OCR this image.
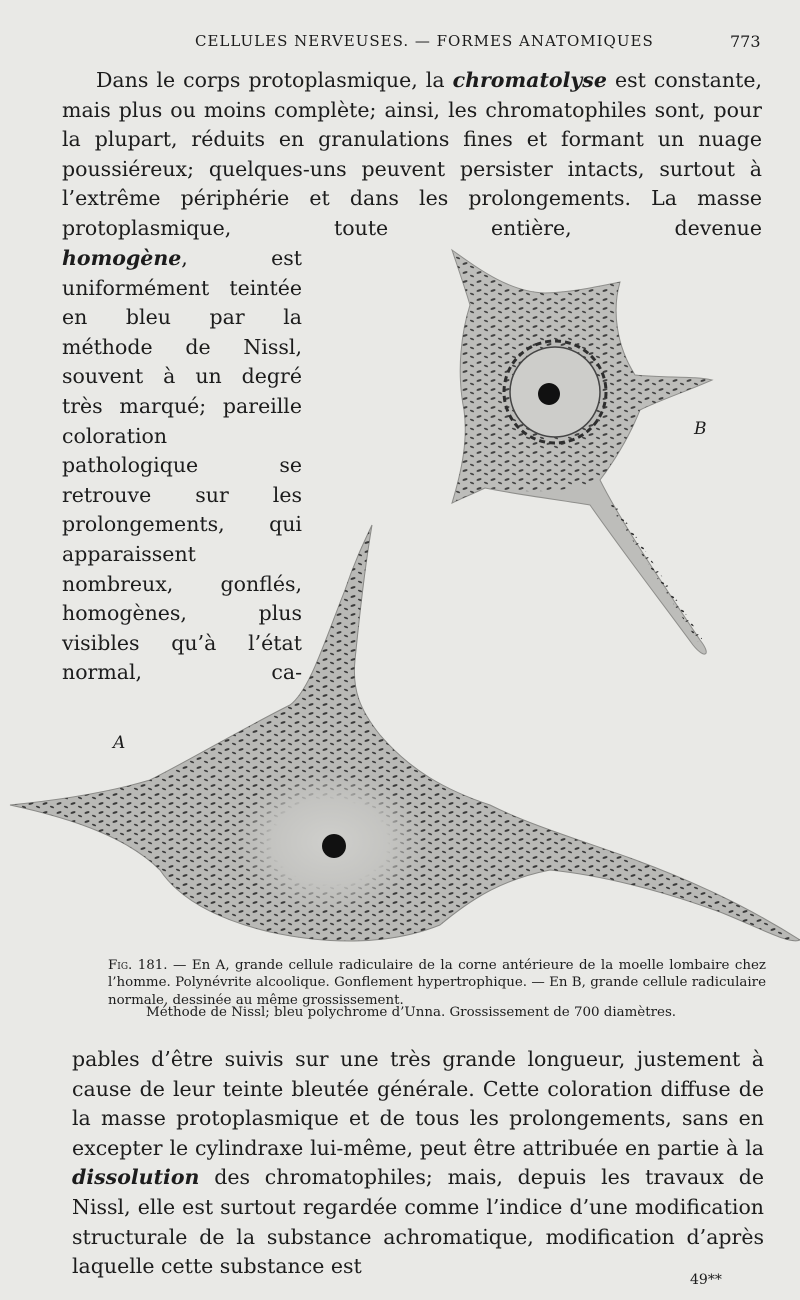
CELLULES NERVEUSES. — FORMES ANATOMIQUES	773

Dans le corps protoplasmique, la chromatolyse est constante, mais plus ou moins complète; ainsi, les chromatophiles sont, pour la plupart, réduits en granulations fines et formant un nuage poussiéreux; quelques-uns peuvent persister intacts, surtout à l’extrême périphérie et dans les prolongements. La masse protoplasmique, toute entière, devenue

homogène, est uniformément teintée en bleu par la méthode de Nissl, souvent à un degré très marqué; pareille coloration pathologique se retrouve sur les prolongements, qui apparaissent nombreux, gonflés, homogènes, plus visibles qu’à l’état normal, ca-

B
A
Fig. 181. — En A, grande cellule radiculaire de la corne antérieure de la moelle lombaire chez l’homme. Polynévrite alcoolique. Gonflement hypertrophique. — En B, grande cellule radiculaire normale, dessinée au même grossissement.
Méthode de Nissl; bleu polychrome d’Unna. Grossissement de 700 diamètres.

pables d’être suivis sur une très grande longueur, justement à cause de leur teinte bleutée générale. Cette coloration diffuse de la masse protoplasmique et de tous les prolongements, sans en excepter le cylindraxe lui-même, peut être attribuée en partie à la dissolution des chromatophiles; mais, depuis les travaux de Nissl, elle est surtout regardée comme l’indice d’une modification structurale de la substance achromatique, modification d’après laquelle cette substance est

49**
